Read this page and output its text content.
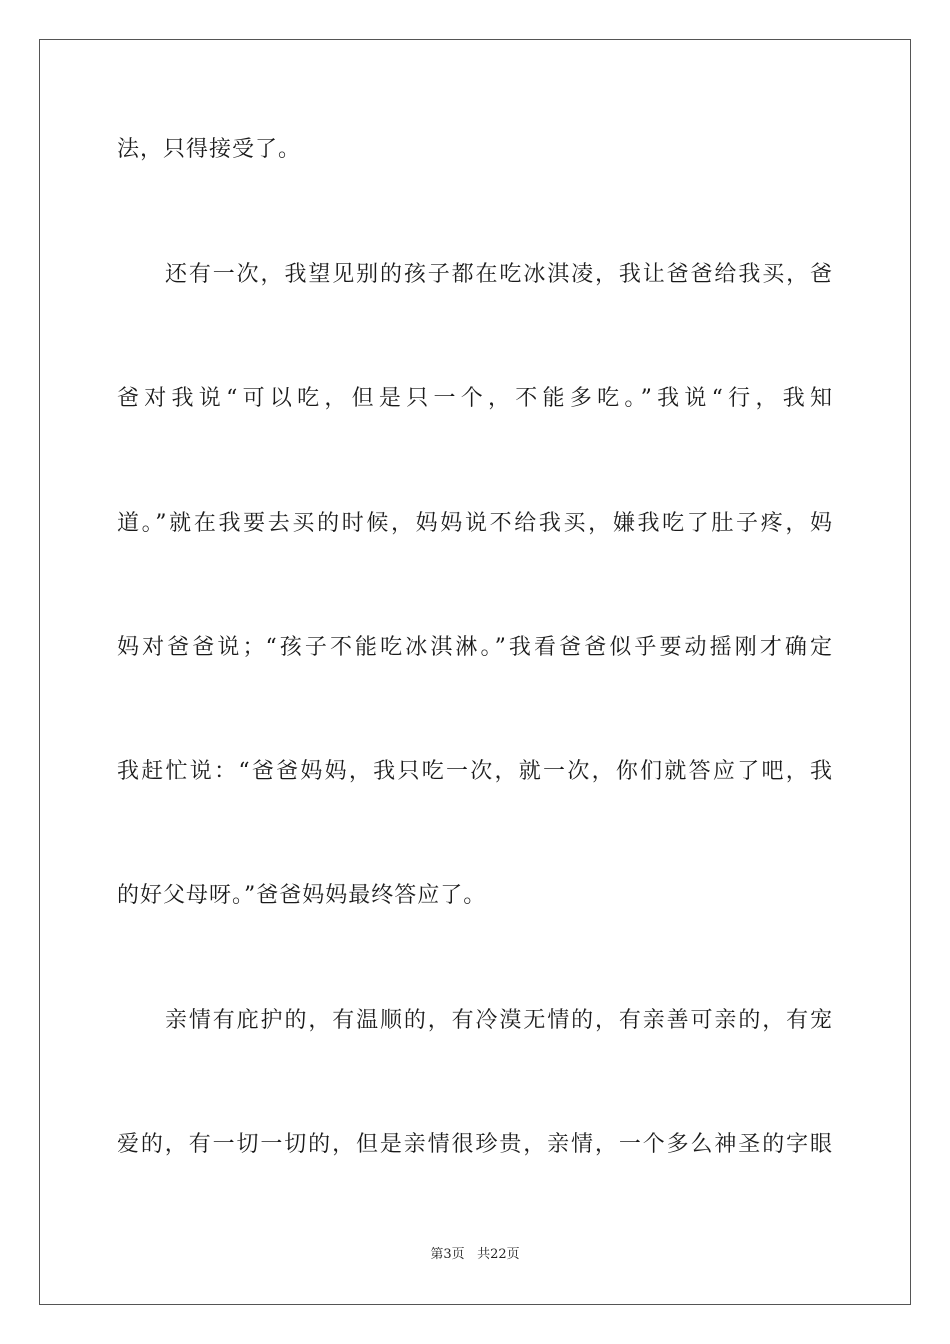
法，只得接受了。
还有一次，我望见别的孩子都在吃冰淇凌，我让爸爸给我买，爸
爸对我说“可以吃，但是只一个，不能多吃。”我说“行，我知
道。”就在我要去买的时候，妈妈说不给我买，嫌我吃了肚子疼，妈
妈对爸爸说；“孩子不能吃冰淇淋。”我看爸爸似乎要动摇刚才确定
我赶忙说：“爸爸妈妈，我只吃一次，就一次，你们就答应了吧，我
的好父母呀。”爸爸妈妈最终答应了。
亲情有庇护的，有温顺的，有冷漠无情的，有亲善可亲的，有宠
爱的，有一切一切的，但是亲情很珍贵，亲情，一个多么神圣的字眼
第3页 共22页
